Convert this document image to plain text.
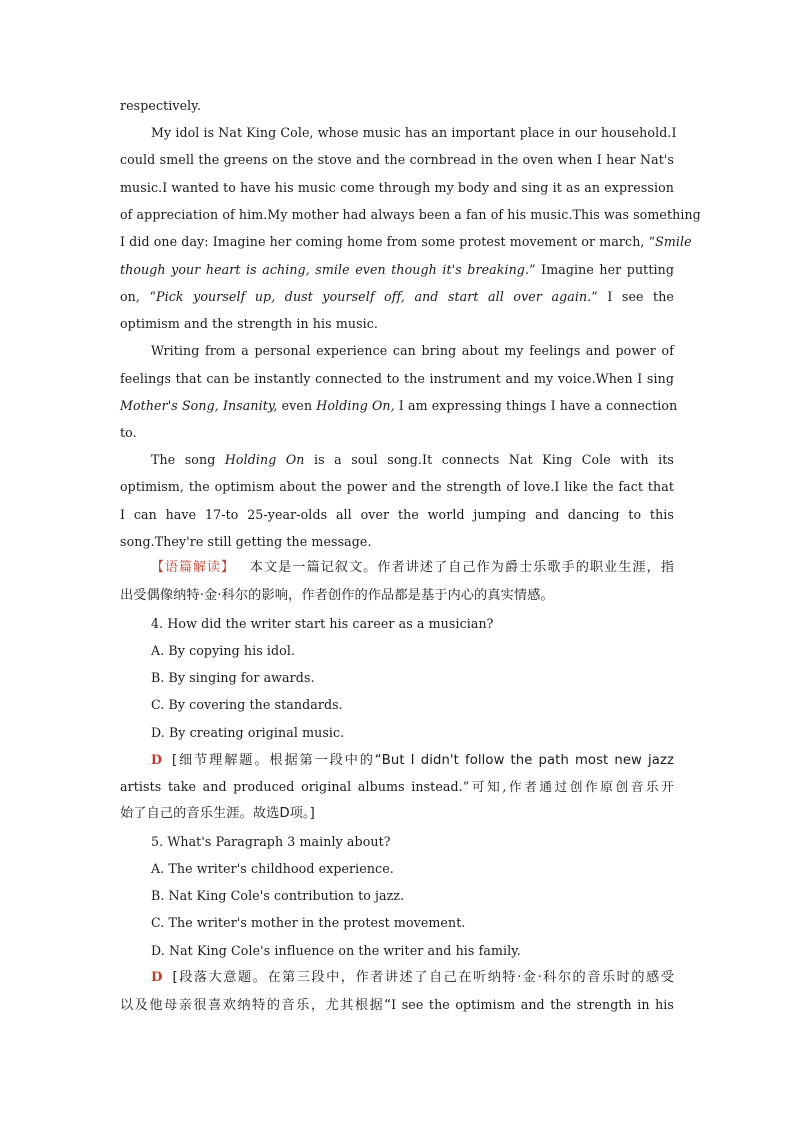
respectively.
My idol is Nat King Cole, whose music has an important place in our household.I
could smell the greens on the stove and the cornbread in the oven when I hear Nat's
music.I wanted to have his music come through my body and sing it as an expression
of appreciation of him.My mother had always been a fan of his music.This was something
I did one day: Imagine her coming home from some protest movement or march, “Smile
though your heart is aching, smile even though it's breaking.” Imagine her putting
on, “Pick yourself up, dust yourself off, and start all over again.” I see the
optimism and the strength in his music.
Writing from a personal experience can bring about my feelings and power of
feelings that can be instantly connected to the instrument and my voice.When I sing
Mother's Song, Insanity, even Holding On, I am expressing things I have a connection
to.
The song Holding On is a soul song.It connects Nat King Cole with its
optimism, the optimism about the power and the strength of love.I like the fact that
I can have 17-to 25-year-olds all over the world jumping and dancing to this
song.They're still getting the message.
【语篇解读】 本文是一篇记叙文。作者讲述了自己作为爵士乐歌手的职业生涯，指
出受偶像纳特·金·科尔的影响，作者创作的作品都是基于内心的真实情感。
4. How did the writer start his career as a musician?
A. By copying his idol.
B. By singing for awards.
C. By covering the standards.
D. By creating original music.
D [细节理解题。根据第一段中的“But I didn't follow the path most new jazz
artists take and produced original albums instead.”可知,作者通过创作原创音乐开
始了自己的音乐生涯。故选D项。]
5. What's Paragraph 3 mainly about?
A. The writer's childhood experience.
B. Nat King Cole's contribution to jazz.
C. The writer's mother in the protest movement.
D. Nat King Cole's influence on the writer and his family.
D [段落大意题。在第三段中，作者讲述了自己在听纳特·金·科尔的音乐时的感受
以及他母亲很喜欢纳特的音乐，尤其根据“I see the optimism and the strength in his
